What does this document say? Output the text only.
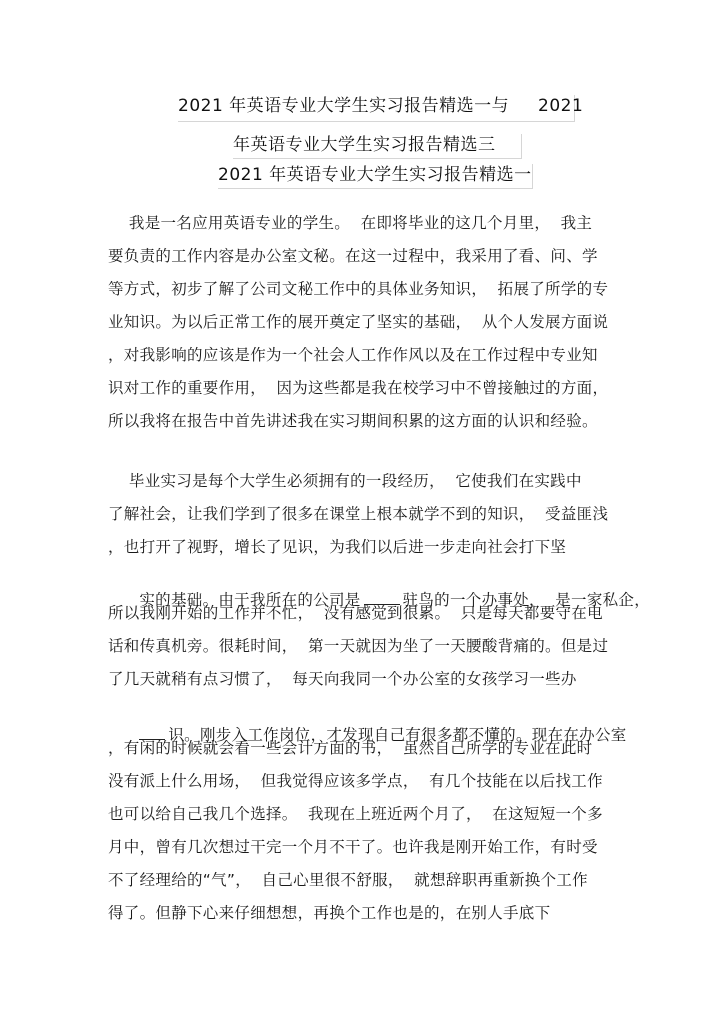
2021 年英语专业大学生实习报告精选一与 2021
年英语专业大学生实习报告精选三
2021 年英语专业大学生实习报告精选一
我是一名应用英语专业的学生。  在即将毕业的这几个月里，  我主
要负责的工作内容是办公室文秘。在这一过程中，我采用了看、问、学
等方式，初步了解了公司文秘工作中的具体业务知识，  拓展了所学的专
业知识。为以后正常工作的展开奠定了坚实的基础，  从个人发展方面说
，对我影响的应该是作为一个社会人工作作风以及在工作过程中专业知
识对工作的重要作用，  因为这些都是我在校学习中不曾接触过的方面，
所以我将在报告中首先讲述我在实习期间积累的这方面的认识和经验。
毕业实习是每个大学生必须拥有的一段经历，  它使我们在实践中
了解社会，让我们学到了很多在课堂上根本就学不到的知识，  受益匪浅
，也打开了视野，增长了见识，为我们以后进一步走向社会打下坚

实的基础。由于我所在的公司是	驻鸟的一个办事处，  是一家私企，

所以我刚开始的工作并不忙，  没有感觉到很累。  只是每天都要守在电
话和传真机旁。很耗时间，  第一天就因为坐了一天腰酸背痛的。但是过
了几天就稍有点习惯了，  每天向我同一个办公室的女孩学习一些办

识。刚步入工作岗位，才发现自己有很多都不懂的。现在在办公室

，有闲的时候就会看一些会计方面的书，  虽然自己所学的专业在此时
没有派上什么用场，  但我觉得应该多学点，  有几个技能在以后找工作
也可以给自己我几个选择。  我现在上班近两个月了，  在这短短一个多
月中，曾有几次想过干完一个月不干了。也许我是刚开始工作，有时受
不了经理给的“气”，  自己心里很不舒服，  就想辞职再重新换个工作
得了。但静下心来仔细想想，再换个工作也是的，在别人手底下
